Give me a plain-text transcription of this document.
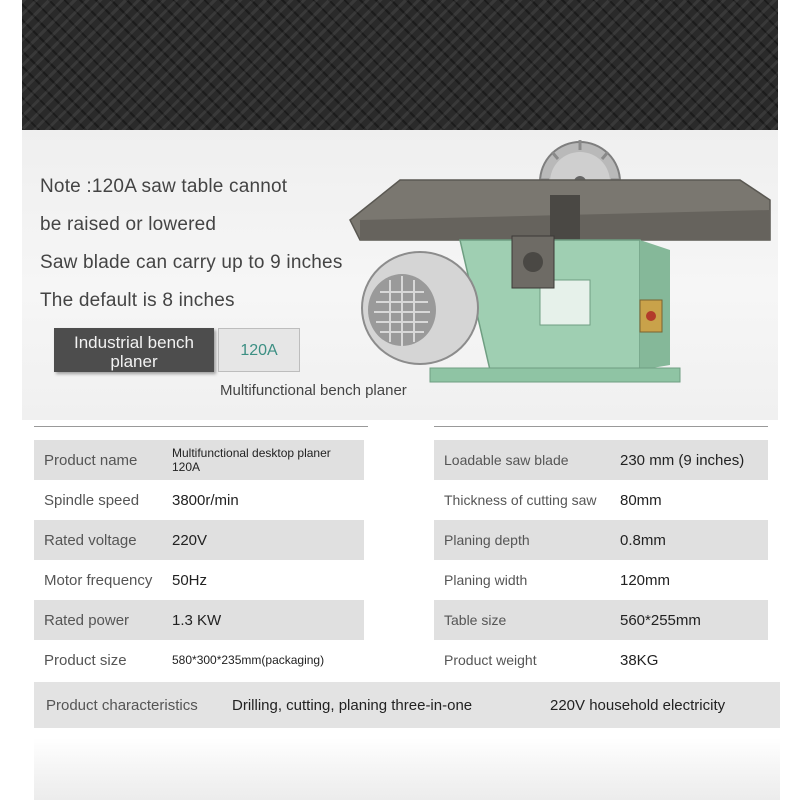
Note :120A saw table cannot
be raised or lowered
Saw blade can carry up to 9 inches
The default is 8 inches
Industrial bench planer
120A
Multifunctional bench planer
Product name	Multifunctional desktop planer 120A
Spindle speed	3800r/min
Rated voltage	220V
Motor frequency	50Hz
Rated power	1.3 KW
Product size	580*300*235mm(packaging)
Loadable saw blade	230 mm (9 inches)
Thickness of cutting saw	80mm
Planing depth	0.8mm
Planing width	120mm
Table size	560*255mm
Product weight	38KG
Product characteristics	Drilling, cutting, planing three-in-one	220V household electricity
